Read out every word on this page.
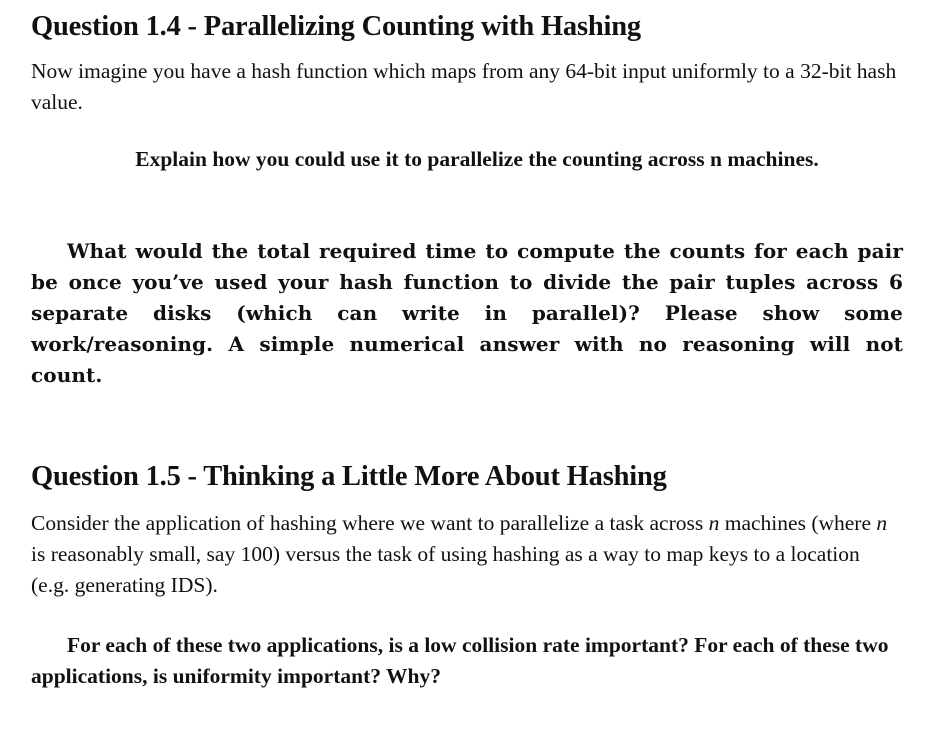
Question 1.4 - Parallelizing Counting with Hashing

Now imagine you have a hash function which maps from any 64-bit input uniformly to a 32-bit hash value.

Explain how you could use it to parallelize the counting across n machines.

What would the total required time to compute the counts for each pair be once you’ve used your hash function to divide the pair tuples across 6 separate disks (which can write in parallel)? Please show some work/reasoning. A simple numerical answer with no reasoning will not count.

Question 1.5 - Thinking a Little More About Hashing

Consider the application of hashing where we want to parallelize a task across n machines (where n is reasonably small, say 100) versus the task of using hashing as a way to map keys to a location (e.g. generating IDS).

For each of these two applications, is a low collision rate important? For each of these two applications, is uniformity important? Why?
